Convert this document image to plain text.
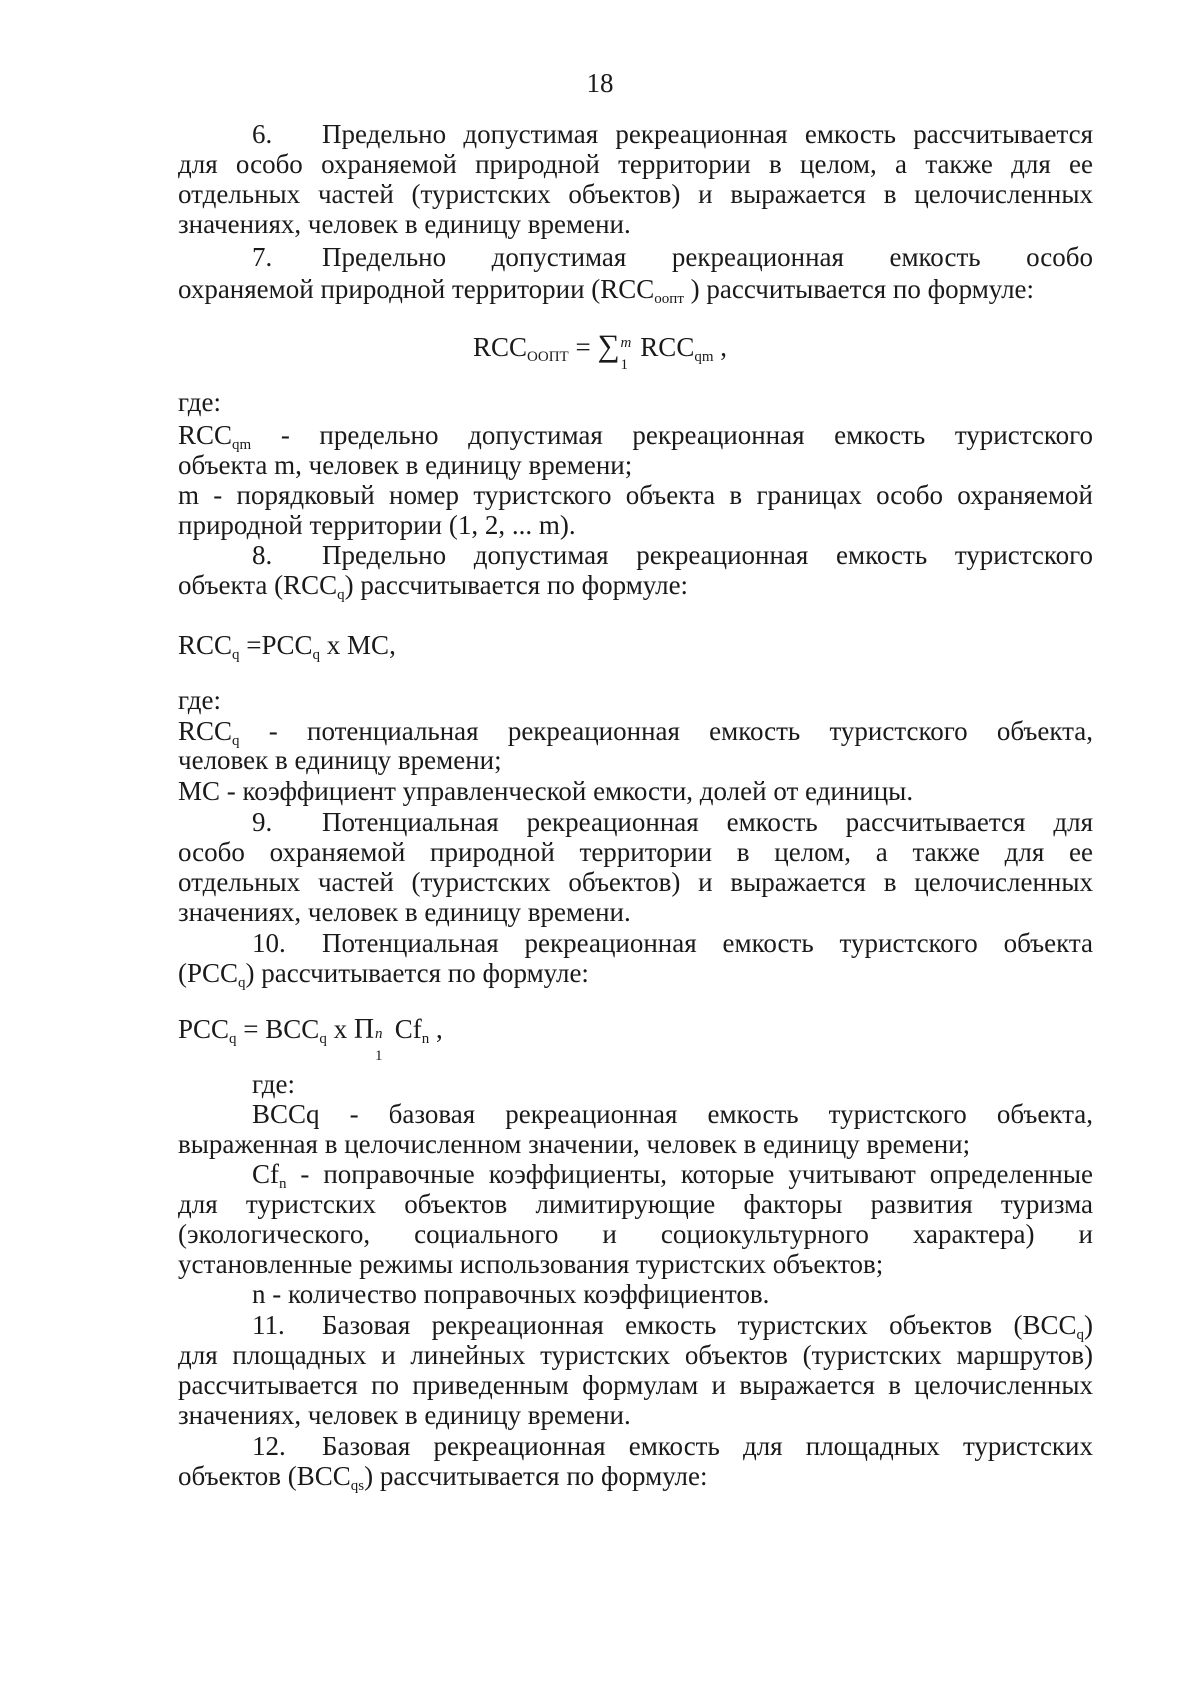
18
6.	Предельно допустимая рекреационная емкость рассчитывается
для особо охраняемой природной территории в целом, а также для ее
отдельных частей (туристских объектов) и выражается в целочисленных
значениях, человек в единицу времени.
7.	Предельно допустимая рекреационная емкость особо
охраняемой природной территории ($RCC_{оопт}$ ) рассчитывается по формуле:
$RCC_{ООПТ}$ = ∑ m
1
$RCC_{qm}$ ,
где:
$RCC_{qm}$ - предельно допустимая рекреационная емкость туристского
объекта m, человек в единицу времени;
m - порядковый номер туристского объекта в границах особо охраняемой
природной территории (1, 2, ... m).
8.	Предельно допустимая рекреационная емкость туристского
объекта $(RCC_q)$ рассчитывается по формуле:
$RCC_q =PCC_q$ x MC,
где:
$RCC_q$ - потенциальная рекреационная емкость туристского объекта,
человек в единицу времени;
MC - коэффициент управленческой емкости, долей от единицы.
9.	Потенциальная рекреационная емкость рассчитывается для
особо охраняемой природной территории в целом, а также для ее
отдельных частей (туристских объектов) и выражается в целочисленных
значениях, человек в единицу времени.
10.	Потенциальная рекреационная емкость туристского объекта
$(PCC_q)$ рассчитывается по формуле:
$PCC_q = BCC_q$ x Π n
1
$Cf_n$ ,
где:
BCCq - базовая рекреационная емкость туристского объекта,
выраженная в целочисленном значении, человек в единицу времени;
$Cf_n$ - поправочные коэффициенты, которые учитывают определенные
для туристских объектов лимитирующие факторы развития туризма
(экологического, социального и социокультурного характера) и
установленные режимы использования туристских объектов;
n - количество поправочных коэффициентов.
11.	Базовая рекреационная емкость туристских объектов $(BCC_q)$
для площадных и линейных туристских объектов (туристских маршрутов)
рассчитывается по приведенным формулам и выражается в целочисленных
значениях, человек в единицу времени.
12.	Базовая рекреационная емкость для площадных туристских
объектов $(BCC_{qs})$ рассчитывается по формуле:
